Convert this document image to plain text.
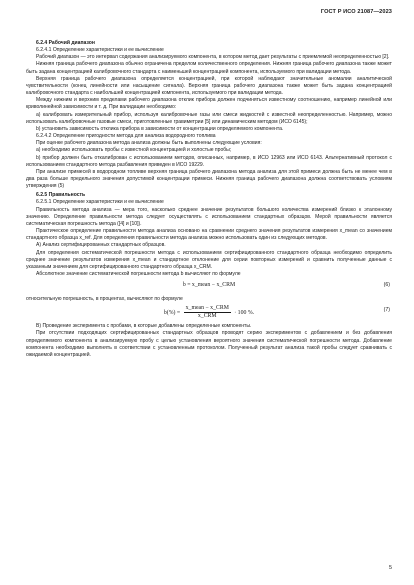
ГОСТ Р ИСО 21087—2023

6.2.4 Рабочий диапазон

6.2.4.1 Определение характеристики и ее вычисление

Рабочий диапазон — это интервал содержания анализируемого компонента, в котором метод дает результаты с приемлемой неопределенностью [2].

Нижняя граница рабочего диапазона обычно ограничена пределом количественного определения. Нижняя граница рабочего диапазона также может быть задана концентрацией калибровочного стандарта с наименьшей концентрацией компонента, используемого при валидации метода.

Верхняя граница рабочего диапазона определяется концентрацией, при которой наблюдают значительные аномалии аналитической чувствительности (конец линейности или насыщение сигнала). Верхняя граница рабочего диапазона также может быть задана концентрацией калибровочного стандарта с наибольшей концентрацией компонента, используемого при валидации метода.

Между нижним и верхним пределами рабочего диапазона отклик прибора должен подчиняться известному соотношению, например линейной или криволинейной зависимости и т. д. При валидации необходимо:

а) калибровать измерительный прибор, используя калибровочные газы или смеси жидкостей с известной неопределенностью. Например, можно использовать калибровочные газовые смеси, приготовленные гравиметрии [5] или динамическим методом (ИСО 6145);

b) установить зависимость отклика прибора в зависимости от концентрации определяемого компонента.

6.2.4.2 Определение пригодности метода для анализа водородного топлива

При оценке рабочего диапазона метода анализа должны быть выполнены следующие условия:

а) необходимо использовать пробы с известной концентрацией и холостые пробы;

b) прибор должен быть откалиброван с использованием методов, описанных, например, в ИСО 12963 или ИСО 6143. Альтернативный протокол с использованием стандартного метода разбавления приведен в ИСО 19229.

При анализе примесей в водородном топливе верхняя граница рабочего диапазона метода анализа для этой примеси должна быть не менее чем в два раза больше предельного значения допустимой концентрации примеси. Нижняя граница рабочего диапазона должна соответствовать условиям утверждения (5)

6.2.5 Правильность

6.2.5.1 Определение характеристики и ее вычисление

Правильность метода анализа — мера того, насколько среднее значение результатов большого количества измерений близко к эталонному значению. Определение правильности метода следует осуществлять с использованием стандартных образцов. Мерой правильности является систематическая погрешность метода ([4] и [10]).

Практическое определение правильности метода анализа основано на сравнении среднего значения результатов измерения x_mean со значением стандартного образца x_ref. Для определения правильности метода анализа можно использовать один из следующих методов.

А) Анализ сертифицированных стандартных образцов.

Для определения систематической погрешности метода с использованием сертифицированного стандартного образца необходимо определить среднее значение результатов измерения x_mean и стандартное отклонение для серии повторных измерений и сравнить полученные данные с указанным значением для сертифицированного стандартного образца x_CRM.

Абсолютное значение систематической погрешности метода b вычисляют по формуле

b = x_mean − x_CRM	(6)

относительную погрешность, в процентах, вычисляют по формуле

$b(\%) = \frac{\text{x\_mean − x\_CRM}}{\text{x\_CRM}} \cdot 100$ %.	(7)

В) Проведение эксперимента с пробами, в которые добавлены определенные компоненты.

При отсутствии подходящих сертифицированных стандартных образцов проводят серию экспериментов с добавлением и без добавления определяемого компонента в анализируемую пробу с целью установления вероятного значения систематической погрешности метода. Добавление компонента необходимо выполнять в соответствии с установленным протоколом. Полученный результат анализа такой пробы следует сравнивать с ожидаемой концентрацией.

5
